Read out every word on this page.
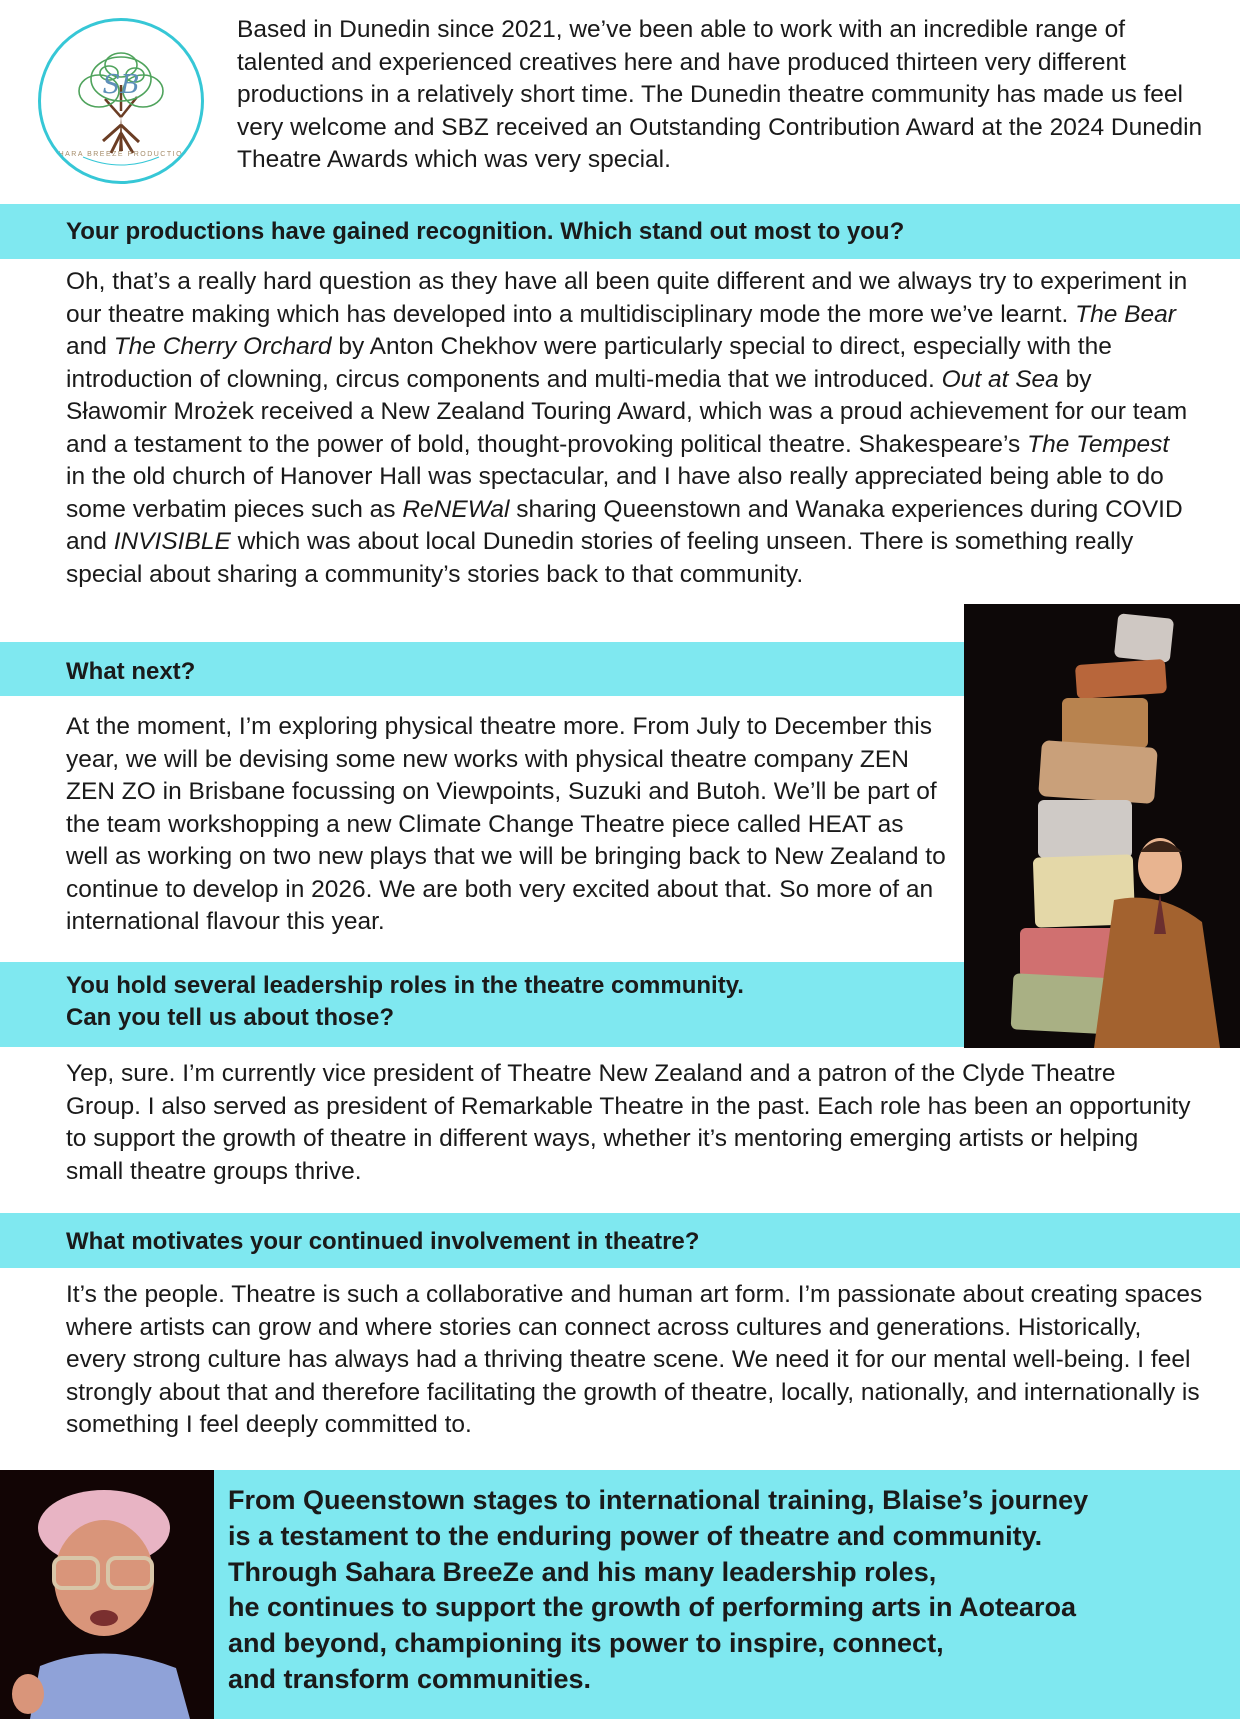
SB
SAHARA BREEZE PRODUCTIONS

Based in Dunedin since 2021, we’ve been able to work with an incredible range of talented and experienced creatives here and have produced thirteen very different productions in a relatively short time. The Dunedin theatre community has made us feel very welcome and SBZ received an Outstanding Contribution Award at the 2024 Dunedin Theatre Awards which was very special.

Your productions have gained recognition. Which stand out most to you?

Oh, that’s a really hard question as they have all been quite different and we always try to experiment in our theatre making which has developed into a multidisciplinary mode the more we’ve learnt. The Bear and The Cherry Orchard by Anton Chekhov were particularly special to direct, especially with the introduction of clowning, circus components and multi-media that we introduced. Out at Sea by Sławomir Mrożek received a New Zealand Touring Award, which was a proud achievement for our team and a testament to the power of bold, thought-provoking political theatre. Shakespeare’s The Tempest in the old church of Hanover Hall was spectacular, and I have also really appreciated being able to do some verbatim pieces such as ReNEWal sharing Queenstown and Wanaka experiences during COVID and INVISIBLE which was about local Dunedin stories of feeling unseen. There is something really special about sharing a community’s stories back to that community.

What next?

At the moment, I’m exploring physical theatre more. From July to December this year, we will be devising some new works with physical theatre company ZEN ZEN ZO in Brisbane focussing on Viewpoints, Suzuki and Butoh. We’ll be part of the team workshopping a new Climate Change Theatre piece called HEAT as well as working on two new plays that we will be bringing back to New Zealand to continue to develop in 2026. We are both very excited about that. So more of an international flavour this year.

You hold several leadership roles in the theatre community.
Can you tell us about those?

Yep, sure. I’m currently vice president of Theatre New Zealand and a patron of the Clyde Theatre Group. I also served as president of Remarkable Theatre in the past. Each role has been an opportunity to support the growth of theatre in different ways, whether it’s mentoring emerging artists or helping small theatre groups thrive.

What motivates your continued involvement in theatre?

It’s the people. Theatre is such a collaborative and human art form. I’m passionate about creating spaces where artists can grow and where stories can connect across cultures and generations. Historically, every strong culture has always had a thriving theatre scene. We need it for our mental well-being. I feel strongly about that and therefore facilitating the growth of theatre, locally, nationally, and internationally is something I feel deeply committed to.

From Queenstown stages to international training, Blaise’s journey

is a testament to the enduring power of theatre and community.

Through Sahara BreeZe and his many leadership roles,

he continues to support the growth of performing arts in Aotearoa

and beyond, championing its power to inspire, connect,

and transform communities.
